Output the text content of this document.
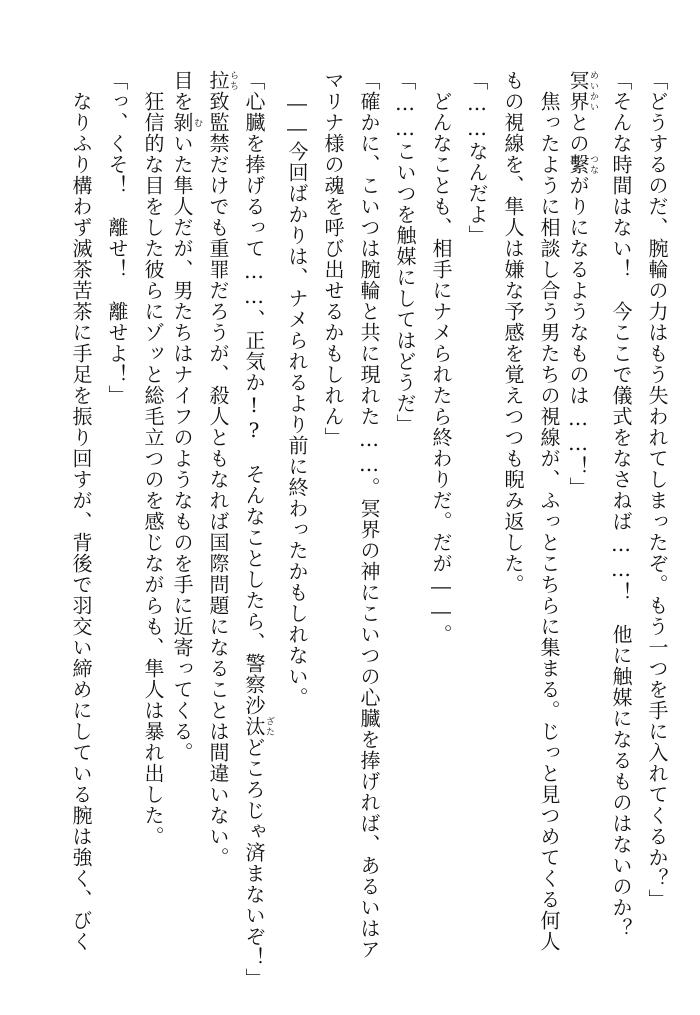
「どうするのだ、腕輪の力はもう失われてしまったぞ。もう一つを手に入れてくるか？」
「そんな時間はない！　今ここで儀式をなさねば……！　他に触媒になるものはないのか？
冥界めいかいとの繫つながりになるようなものは……！」
　焦ったように相談し合う男たちの視線が、ふっとこちらに集まる。じっと見つめてくる何人
もの視線を、隼人は嫌な予感を覚えつつも睨み返した。
「……なんだよ」
　どんなことも、相手にナメられたら終わりだ。だが――。
「……こいつを触媒にしてはどうだ」
「確かに、こいつは腕輪と共に現れた……。冥界の神にこいつの心臓を捧げれば、あるいはア
マリナ様の魂を呼び出せるかもしれん」
　――今回ばかりは、ナメられるより前に終わったかもしれない。
「心臓を捧げるって……、正気か!?　そんなことしたら、警察沙汰ざたどころじゃ済まないぞ！」
拉らち致監禁だけでも重罪だろうが、殺人ともなれば国際問題になることは間違いない。
目を剝むいた隼人だが、男たちはナイフのようなものを手に近寄ってくる。
　狂信的な目をした彼らにゾッと総毛立つのを感じながらも、隼人は暴れ出した。
「っ、くそ！　離せ！　離せよ！」
　なりふり構わず滅茶苦茶に手足を振り回すが、背後で羽交い締めにしている腕は強く、びく
